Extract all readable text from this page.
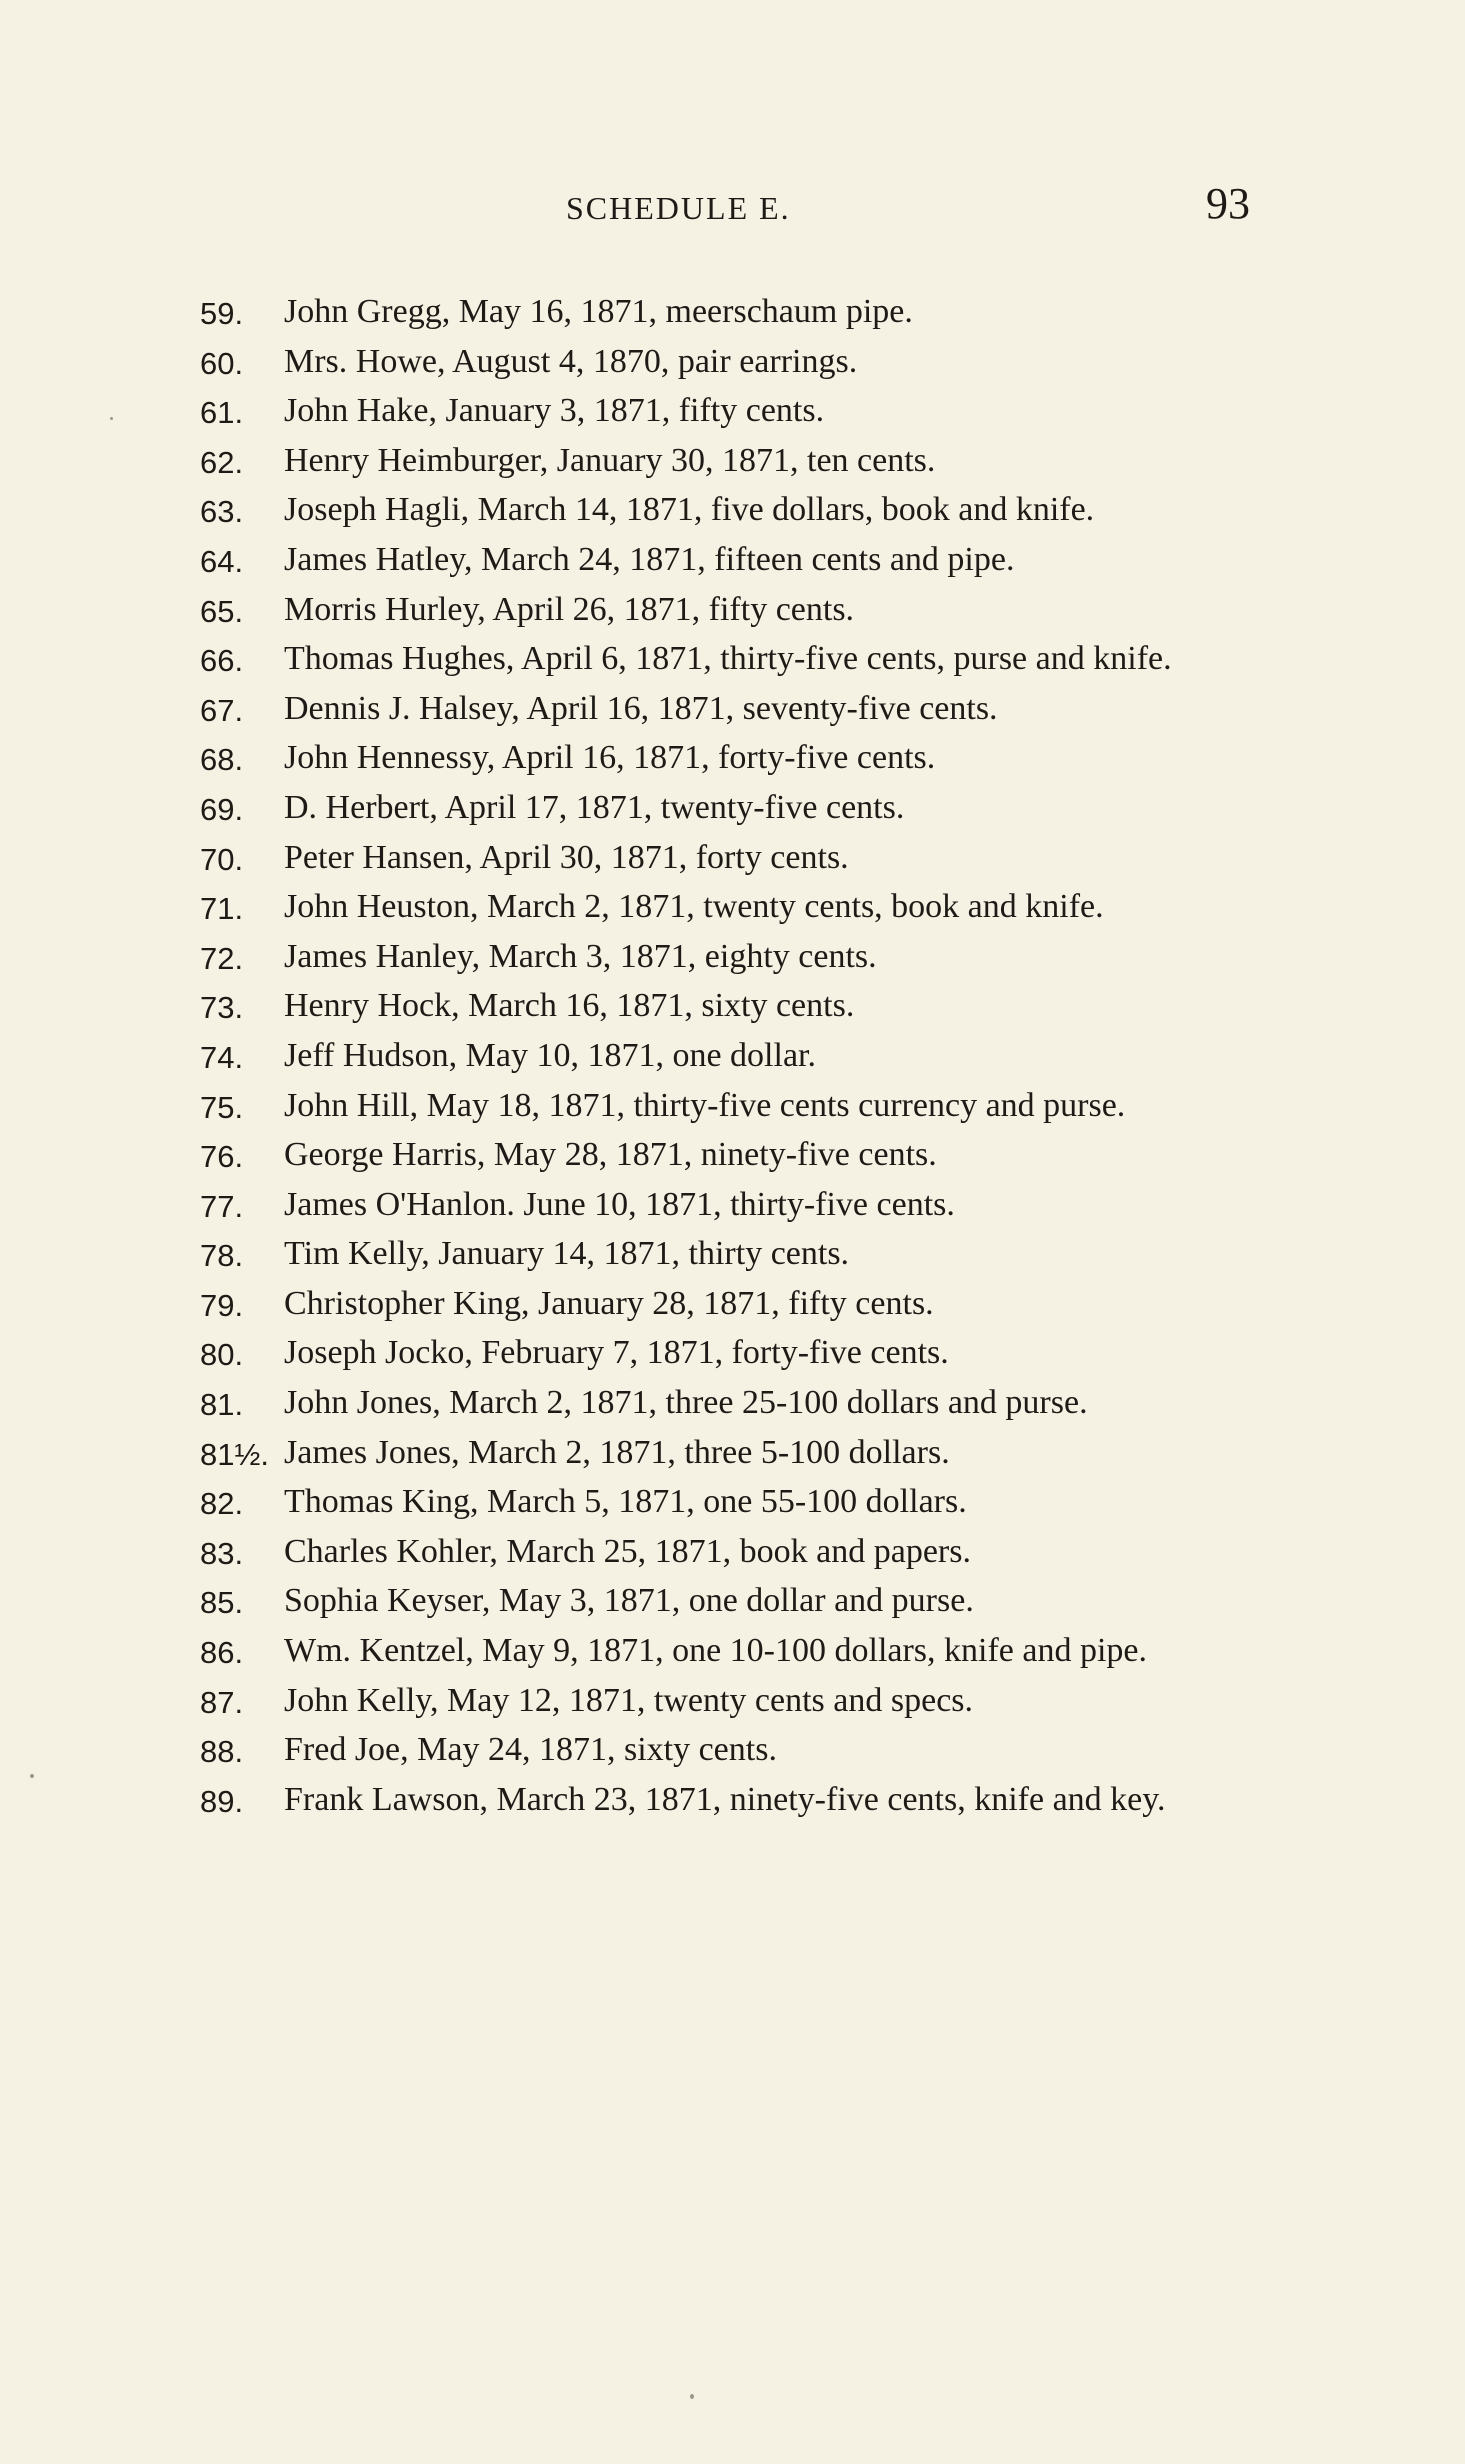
SCHEDULE E.	93
59.	John Gregg, May 16, 1871, meerschaum pipe.
60.	Mrs. Howe, August 4, 1870, pair earrings.
61.	John Hake, January 3, 1871, fifty cents.
62.	Henry Heimburger, January 30, 1871, ten cents.
63.	Joseph Hagli, March 14, 1871, five dollars, book and knife.
64.	James Hatley, March 24, 1871, fifteen cents and pipe.
65.	Morris Hurley, April 26, 1871, fifty cents.
66.	Thomas Hughes, April 6, 1871, thirty-five cents, purse and knife.
67.	Dennis J. Halsey, April 16, 1871, seventy-five cents.
68.	John Hennessy, April 16, 1871, forty-five cents.
69.	D. Herbert, April 17, 1871, twenty-five cents.
70.	Peter Hansen, April 30, 1871, forty cents.
71.	John Heuston, March 2, 1871, twenty cents, book and knife.
72.	James Hanley, March 3, 1871, eighty cents.
73.	Henry Hock, March 16, 1871, sixty cents.
74.	Jeff Hudson, May 10, 1871, one dollar.
75.	John Hill, May 18, 1871, thirty-five cents currency and purse.
76.	George Harris, May 28, 1871, ninety-five cents.
77.	James O'Hanlon. June 10, 1871, thirty-five cents.
78.	Tim Kelly, January 14, 1871, thirty cents.
79.	Christopher King, January 28, 1871, fifty cents.
80.	Joseph Jocko, February 7, 1871, forty-five cents.
81.	John Jones, March 2, 1871, three 25-100 dollars and purse.
81½. James Jones, March 2, 1871, three 5-100 dollars.
82.	Thomas King, March 5, 1871, one 55-100 dollars.
83.	Charles Kohler, March 25, 1871, book and papers.
85.	Sophia Keyser, May 3, 1871, one dollar and purse.
86.	Wm. Kentzel, May 9, 1871, one 10-100 dollars, knife and pipe.
87.	John Kelly, May 12, 1871, twenty cents and specs.
88.	Fred Joe, May 24, 1871, sixty cents.
89.	Frank Lawson, March 23, 1871, ninety-five cents, knife and key.
